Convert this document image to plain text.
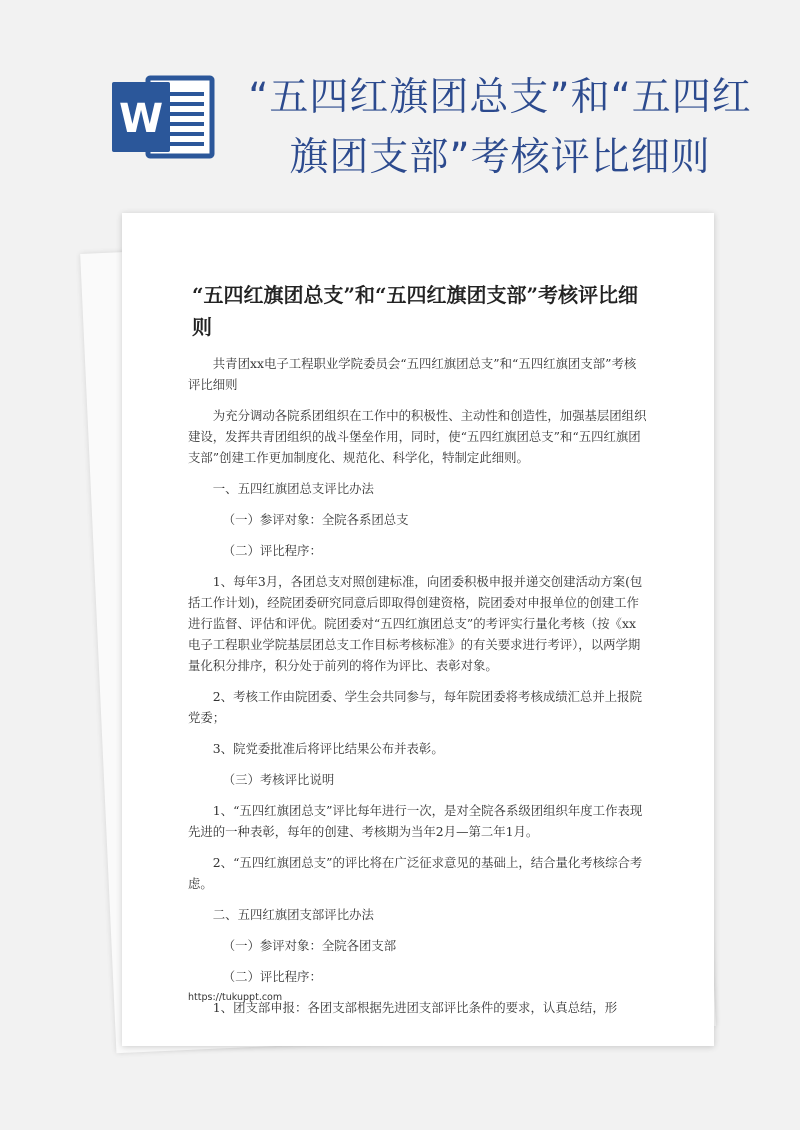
W “五四红旗团总支”和“五四红旗团支部”考核评比细则
“五四红旗团总支”和“五四红旗团支部”考核评比细则

共青团xx电子工程职业学院委员会“五四红旗团总支”和“五四红旗团支部”考核评比细则

为充分调动各院系团组织在工作中的积极性、主动性和创造性，加强基层团组织建设，发挥共青团组织的战斗堡垒作用，同时，使“五四红旗团总支”和“五四红旗团支部”创建工作更加制度化、规范化、科学化，特制定此细则。

一、五四红旗团总支评比办法

（一）参评对象：全院各系团总支

（二）评比程序：

1、每年3月，各团总支对照创建标准，向团委积极申报并递交创建活动方案(包括工作计划)，经院团委研究同意后即取得创建资格，院团委对申报单位的创建工作进行监督、评估和评优。院团委对“五四红旗团总支”的考评实行量化考核（按《xx电子工程职业学院基层团总支工作目标考核标准》的有关要求进行考评），以两学期量化积分排序，积分处于前列的将作为评比、表彰对象。

2、考核工作由院团委、学生会共同参与，每年院团委将考核成绩汇总并上报院党委；

3、院党委批准后将评比结果公布并表彰。

（三）考核评比说明

1、“五四红旗团总支”评比每年进行一次，是对全院各系级团组织年度工作表现先进的一种表彰，每年的创建、考核期为当年2月—第二年1月。

2、“五四红旗团总支”的评比将在广泛征求意见的基础上，结合量化考核综合考虑。

二、五四红旗团支部评比办法

（一）参评对象：全院各团支部

（二）评比程序：

1、团支部申报：各团支部根据先进团支部评比条件的要求，认真总结，形

https://tukuppt.com
